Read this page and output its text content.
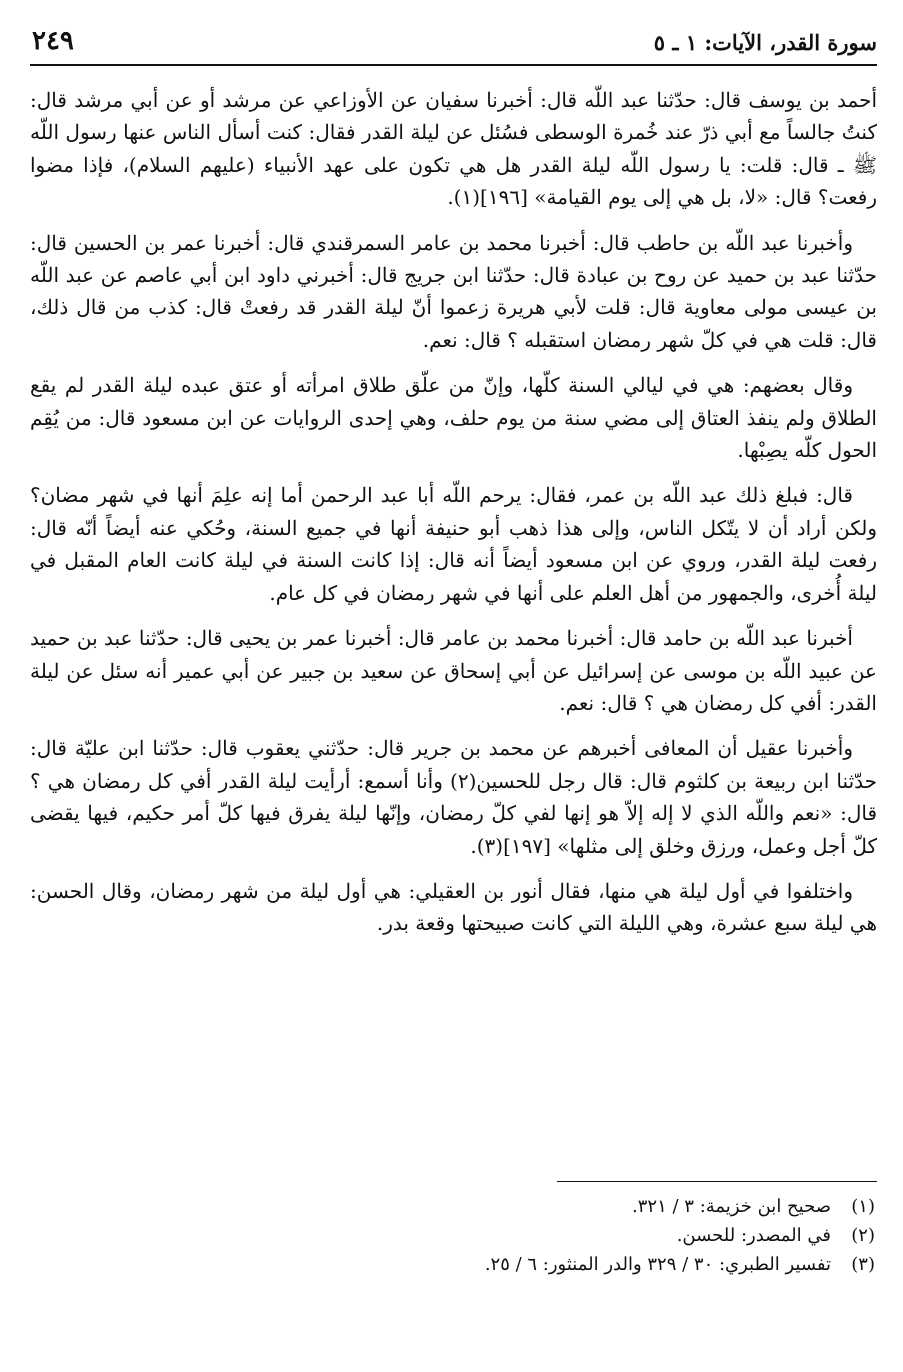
سورة القدر، الآيات: ١ ـ ٥
٢٤٩

أحمد بن يوسف قال: حدّثنا عبد اللّه قال: أخبرنا سفيان عن الأوزاعي عن مرشد أو عن أبي مرشد قال: كنتُ جالساً مع أبي ذرّ عند خُمرة الوسطى فسُئل عن ليلة القدر فقال: كنت أسأل الناس عنها رسول اللّه ﷺ ـ قال: قلت: يا رسول اللّه ليلة القدر هل هي تكون على عهد الأنبياء (عليهم السلام)، فإذا مضوا رفعت؟ قال: «لا، بل هي إلى يوم القيامة» [١٩٦](١).

وأخبرنا عبد اللّه بن حاطب قال: أخبرنا محمد بن عامر السمرقندي قال: أخبرنا عمر بن الحسين قال: حدّثنا عبد بن حميد عن روح بن عبادة قال: حدّثنا ابن جريج قال: أخبرني داود ابن أبي عاصم عن عبد اللّه بن عيسى مولى معاوية قال: قلت لأبي هريرة زعموا أنّ ليلة القدر قد رفعتْ قال: كذب من قال ذلك، قال: قلت هي في كلّ شهر رمضان استقبله ؟ قال: نعم.

وقال بعضهم: هي في ليالي السنة كلّها، وإنّ من علّق طلاق امرأته أو عتق عبده ليلة القدر لم يقع الطلاق ولم ينفذ العتاق إلى مضي سنة من يوم حلف، وهي إحدى الروايات عن ابن مسعود قال: من يُقِم الحول كلّه يصِبْها.

قال: فبلغ ذلك عبد اللّه بن عمر، فقال: يرحم اللّه أبا عبد الرحمن أما إنه علِمَ أنها في شهر مضان؟ ولكن أراد أن لا يتّكل الناس، وإلى هذا ذهب أبو حنيفة أنها في جميع السنة، وحُكي عنه أيضاً أنّه قال: رفعت ليلة القدر، وروي عن ابن مسعود أيضاً أنه قال: إذا كانت السنة في ليلة كانت العام المقبل في ليلة أُخرى، والجمهور من أهل العلم على أنها في شهر رمضان في كل عام.

أخبرنا عبد اللّه بن حامد قال: أخبرنا محمد بن عامر قال: أخبرنا عمر بن يحيى قال: حدّثنا عبد بن حميد عن عبيد اللّه بن موسى عن إسرائيل عن أبي إسحاق عن سعيد بن جبير عن أبي عمير أنه سئل عن ليلة القدر: أفي كل رمضان هي ؟ قال: نعم.

وأخبرنا عقيل أن المعافى أخبرهم عن محمد بن جرير قال: حدّثني يعقوب قال: حدّثنا ابن عليّة قال: حدّثنا ابن ربيعة بن كلثوم قال: قال رجل للحسين(٢) وأنا أسمع: أرأيت ليلة القدر أفي كل رمضان هي ؟ قال: «نعم واللّه الذي لا إله إلاّ هو إنها لفي كلّ رمضان، وإنّها ليلة يفرق فيها كلّ أمر حكيم، فيها يقضى كلّ أجل وعمل، ورزق وخلق إلى مثلها» [١٩٧](٣).

واختلفوا في أول ليلة هي منها، فقال أنور بن العقيلي: هي أول ليلة من شهر رمضان، وقال الحسن: هي ليلة سبع عشرة، وهي الليلة التي كانت صبيحتها وقعة بدر.

(١)صحيح ابن خزيمة: ٣ / ٣٢١.
(٢)في المصدر: للحسن.
(٣)تفسير الطبري: ٣٠ / ٣٢٩ والدر المنثور: ٦ / ٢٥.
